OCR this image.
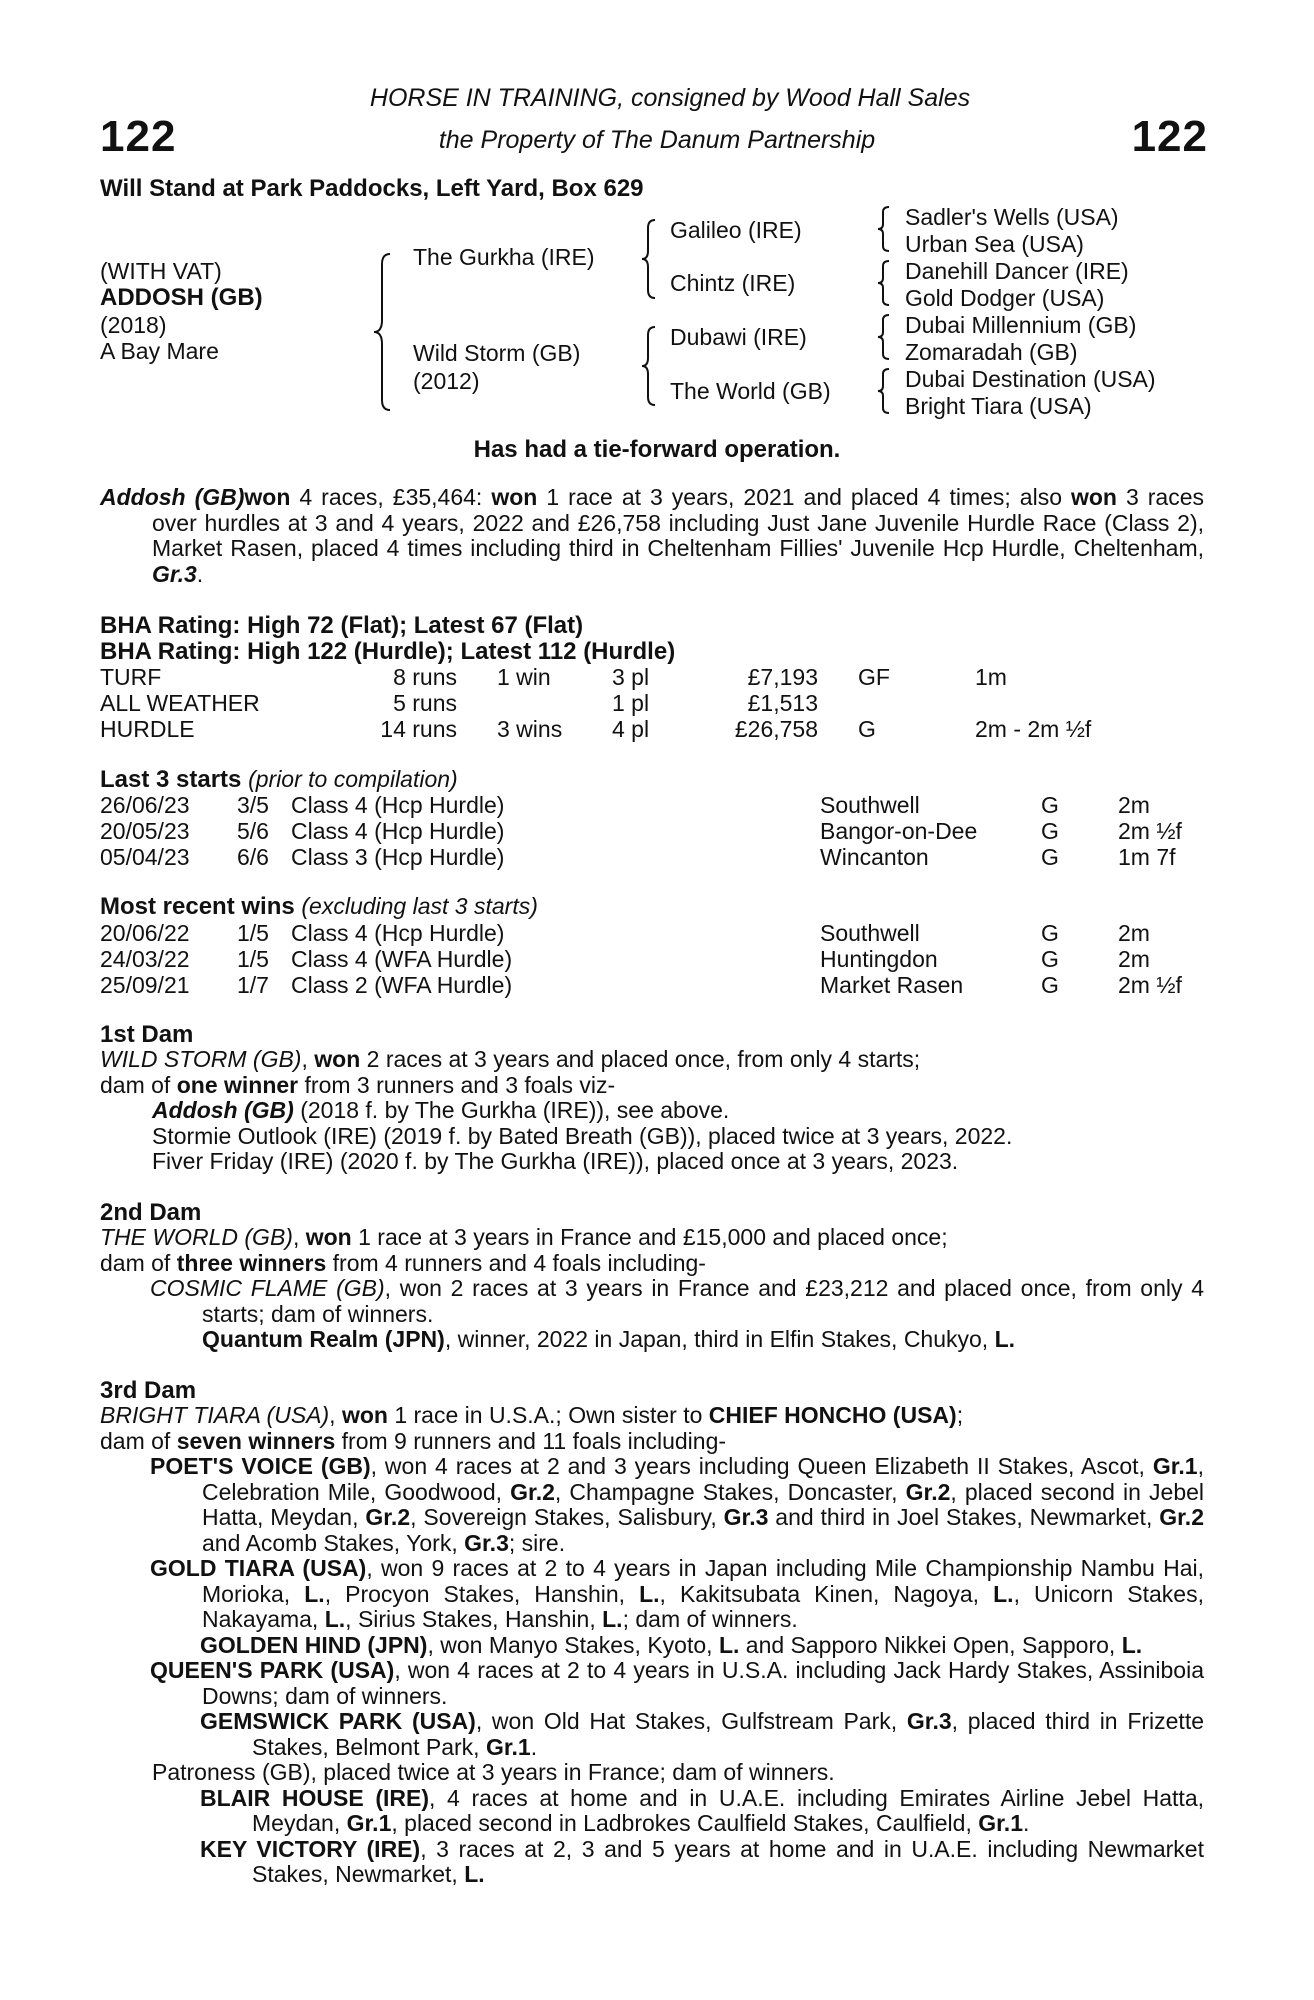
122	122
HORSE IN TRAINING, consigned by Wood Hall Sales
the Property of The Danum Partnership
Will Stand at Park Paddocks, Left Yard, Box 629
(WITH VAT)
ADDOSH (GB)
(2018)
A Bay Mare
The Gurkha (IRE)
Wild Storm (GB)
(2012)
Galileo (IRE)
Chintz (IRE)
Dubawi (IRE)
The World (GB)
Sadler's Wells (USA)
Urban Sea (USA)
Danehill Dancer (IRE)
Gold Dodger (USA)
Dubai Millennium (GB)
Zomaradah (GB)
Dubai Destination (USA)
Bright Tiara (USA)
Has had a tie-forward operation.
Addosh (GB)won 4 races, £35,464: won 1 race at 3 years, 2021 and placed 4 times; also won 3 races over hurdles at 3 and 4 years, 2022 and £26,758 including Just Jane Juvenile Hurdle Race (Class 2), Market Rasen, placed 4 times including third in Cheltenham Fillies' Juvenile Hcp Hurdle, Cheltenham, Gr.3.
BHA Rating: High 72 (Flat); Latest 67 (Flat)
BHA Rating: High 122 (Hurdle); Latest 112 (Hurdle)
TURF	8 runs 1 win	3 pl	£7,193 GF	1m
ALL WEATHER	5 runs	1 pl	£1,513
HURDLE	14 runs 3 wins 4 pl	£26,758 G	2m - 2m ½f
Last 3 starts (prior to compilation)
26/06/23 3/5 Class 4 (Hcp Hurdle)	Southwell	G	2m
20/05/23 5/6 Class 4 (Hcp Hurdle)	Bangor-on-Dee	G	2m ½f
05/04/23 6/6 Class 3 (Hcp Hurdle)	Wincanton	G	1m 7f
Most recent wins (excluding last 3 starts)
20/06/22 1/5 Class 4 (Hcp Hurdle)	Southwell	G	2m
24/03/22 1/5 Class 4 (WFA Hurdle)	Huntingdon	G	2m
25/09/21 1/7 Class 2 (WFA Hurdle)	Market Rasen	G	2m ½f
1st Dam
WILD STORM (GB), won 2 races at 3 years and placed once, from only 4 starts;
dam of one winner from 3 runners and 3 foals viz-
Addosh (GB) (2018 f. by The Gurkha (IRE)), see above.
Stormie Outlook (IRE) (2019 f. by Bated Breath (GB)), placed twice at 3 years, 2022.
Fiver Friday (IRE) (2020 f. by The Gurkha (IRE)), placed once at 3 years, 2023.
2nd Dam
THE WORLD (GB), won 1 race at 3 years in France and £15,000 and placed once;
dam of three winners from 4 runners and 4 foals including-
COSMIC FLAME (GB), won 2 races at 3 years in France and £23,212 and placed once, from only 4 starts; dam of winners.
Quantum Realm (JPN), winner, 2022 in Japan, third in Elfin Stakes, Chukyo, L.
3rd Dam
BRIGHT TIARA (USA), won 1 race in U.S.A.; Own sister to CHIEF HONCHO (USA);
dam of seven winners from 9 runners and 11 foals including-
POET'S VOICE (GB), won 4 races at 2 and 3 years including Queen Elizabeth II Stakes, Ascot, Gr.1, Celebration Mile, Goodwood, Gr.2, Champagne Stakes, Doncaster, Gr.2, placed second in Jebel Hatta, Meydan, Gr.2, Sovereign Stakes, Salisbury, Gr.3 and third in Joel Stakes, Newmarket, Gr.2 and Acomb Stakes, York, Gr.3; sire.
GOLD TIARA (USA), won 9 races at 2 to 4 years in Japan including Mile Championship Nambu Hai, Morioka, L., Procyon Stakes, Hanshin, L., Kakitsubata Kinen, Nagoya, L., Unicorn Stakes, Nakayama, L., Sirius Stakes, Hanshin, L.; dam of winners.
GOLDEN HIND (JPN), won Manyo Stakes, Kyoto, L. and Sapporo Nikkei Open, Sapporo, L.
QUEEN'S PARK (USA), won 4 races at 2 to 4 years in U.S.A. including Jack Hardy Stakes, Assiniboia Downs; dam of winners.
GEMSWICK PARK (USA), won Old Hat Stakes, Gulfstream Park, Gr.3, placed third in Frizette Stakes, Belmont Park, Gr.1.
Patroness (GB), placed twice at 3 years in France; dam of winners.
BLAIR HOUSE (IRE), 4 races at home and in U.A.E. including Emirates Airline Jebel Hatta, Meydan, Gr.1, placed second in Ladbrokes Caulfield Stakes, Caulfield, Gr.1.
KEY VICTORY (IRE), 3 races at 2, 3 and 5 years at home and in U.A.E. including Newmarket Stakes, Newmarket, L.
